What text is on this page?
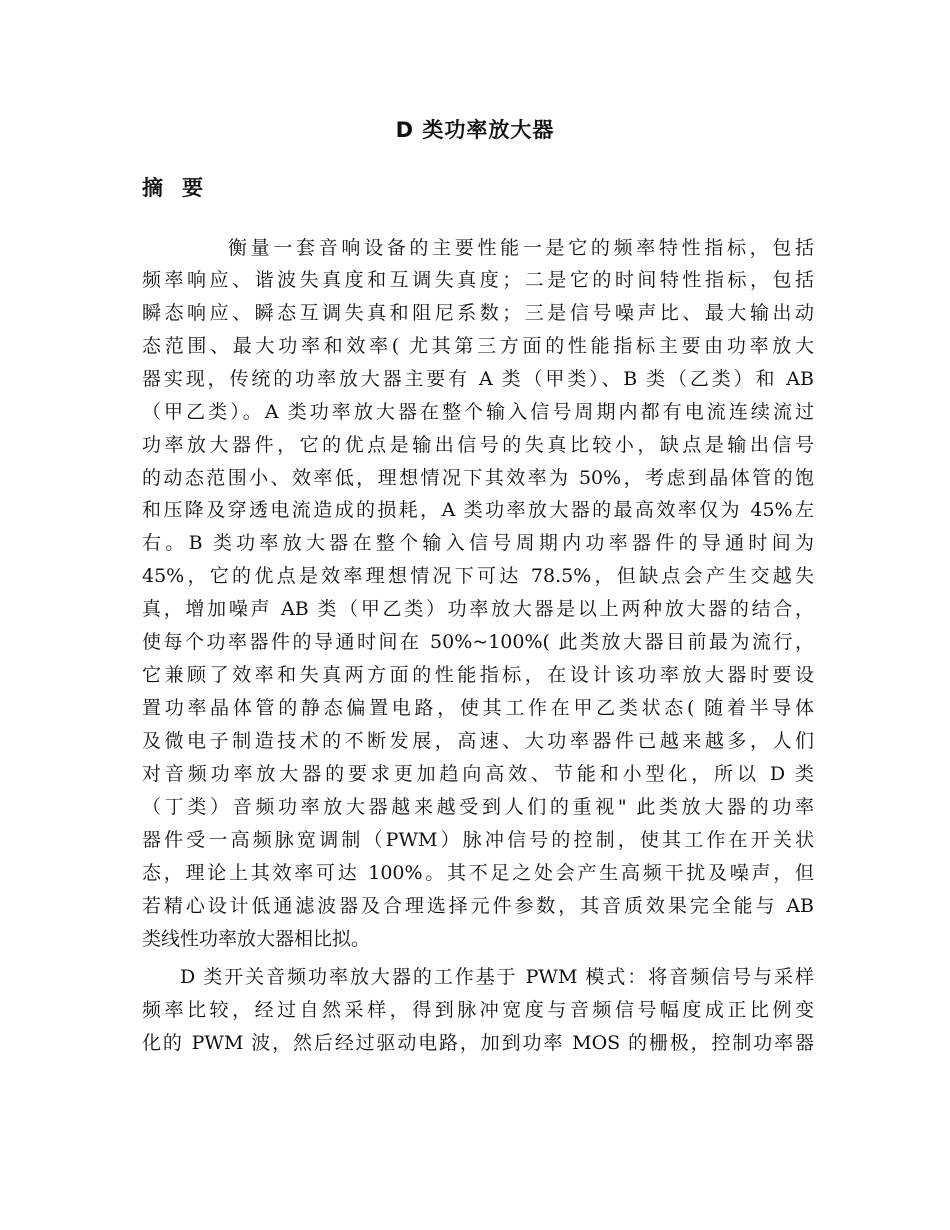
D 类功率放大器
摘要
衡量一套音响设备的主要性能一是它的频率特性指标，包括
频率响应、谐波失真度和互调失真度；二是它的时间特性指标，包括
瞬态响应、瞬态互调失真和阻尼系数；三是信号噪声比、最大输出动
态范围、最大功率和效率( 尤其第三方面的性能指标主要由功率放大
器实现，传统的功率放大器主要有 A 类（甲类）、B 类（乙类）和 AB
（甲乙类）。A 类功率放大器在整个输入信号周期内都有电流连续流过
功率放大器件，它的优点是输出信号的失真比较小，缺点是输出信号
的动态范围小、效率低，理想情况下其效率为 50%，考虑到晶体管的饱
和压降及穿透电流造成的损耗，A 类功率放大器的最高效率仅为 45%左
右。B 类功率放大器在整个输入信号周期内功率器件的导通时间为
45%，它的优点是效率理想情况下可达 78.5%，但缺点会产生交越失
真，增加噪声 AB 类（甲乙类）功率放大器是以上两种放大器的结合，
使每个功率器件的导通时间在 50%~100%( 此类放大器目前最为流行，
它兼顾了效率和失真两方面的性能指标，在设计该功率放大器时要设
置功率晶体管的静态偏置电路，使其工作在甲乙类状态( 随着半导体
及微电子制造技术的不断发展，高速、大功率器件已越来越多，人们
对音频功率放大器的要求更加趋向高效、节能和小型化，所以 D 类
（丁类）音频功率放大器越来越受到人们的重视" 此类放大器的功率
器件受一高频脉宽调制（PWM）脉冲信号的控制，使其工作在开关状
态，理论上其效率可达 100%。其不足之处会产生高频干扰及噪声，但
若精心设计低通滤波器及合理选择元件参数，其音质效果完全能与 AB
类线性功率放大器相比拟。
D 类开关音频功率放大器的工作基于 PWM 模式：将音频信号与采样
频率比较，经过自然采样，得到脉冲宽度与音频信号幅度成正比例变
化的 PWM 波，然后经过驱动电路，加到功率 MOS 的栅极，控制功率器
